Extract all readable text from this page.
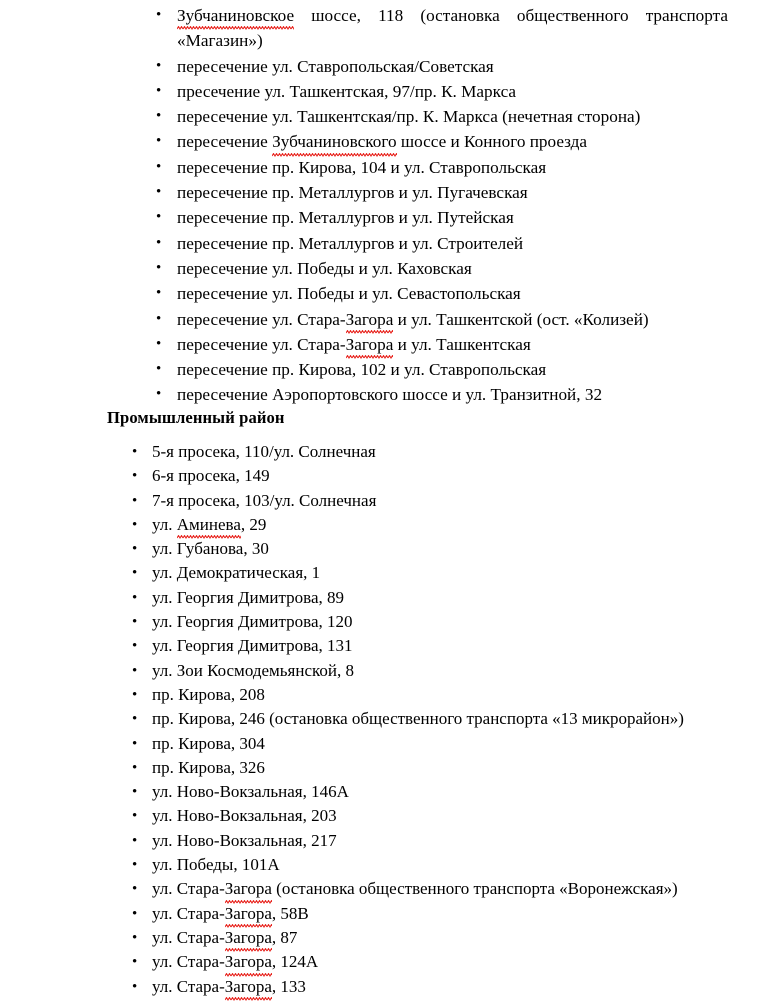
• Зубчаниновское шоссе, 118 (остановка общественного транспорта «Магазин»)
• пересечение ул. Ставропольская/Советская
• пресечение ул. Ташкентская, 97/пр. К. Маркса
• пересечение ул. Ташкентская/пр. К. Маркса (нечетная сторона)
• пересечение Зубчаниновского шоссе и Конного проезда
• пересечение пр. Кирова, 104 и ул. Ставропольская
• пересечение пр. Металлургов и ул. Пугачевская
• пересечение пр. Металлургов и ул. Путейская
• пересечение пр. Металлургов и ул. Строителей
• пересечение ул. Победы и ул. Каховская
• пересечение ул. Победы и ул. Севастопольская
• пересечение ул. Стара-Загора и ул. Ташкентской (ост. «Колизей)
• пересечение ул. Стара-Загора и ул. Ташкентская
• пересечение пр. Кирова, 102 и ул. Ставропольская
• пересечение Аэропортовского шоссе и ул. Транзитной, 32
Промышленный район
• 5-я просека, 110/ул. Солнечная
• 6-я просека, 149
• 7-я просека, 103/ул. Солнечная
• ул. Аминева, 29
• ул. Губанова, 30
• ул. Демократическая, 1
• ул. Георгия Димитрова, 89
• ул. Георгия Димитрова, 120
• ул. Георгия Димитрова, 131
• ул. Зои Космодемьянской, 8
• пр. Кирова, 208
• пр. Кирова, 246 (остановка общественного транспорта «13 микрорайон»)
• пр. Кирова, 304
• пр. Кирова, 326
• ул. Ново-Вокзальная, 146А
• ул. Ново-Вокзальная, 203
• ул. Ново-Вокзальная, 217
• ул. Победы, 101А
• ул. Стара-Загора (остановка общественного транспорта «Воронежская»)
• ул. Стара-Загора, 58В
• ул. Стара-Загора, 87
• ул. Стара-Загора, 124А
• ул. Стара-Загора, 133
